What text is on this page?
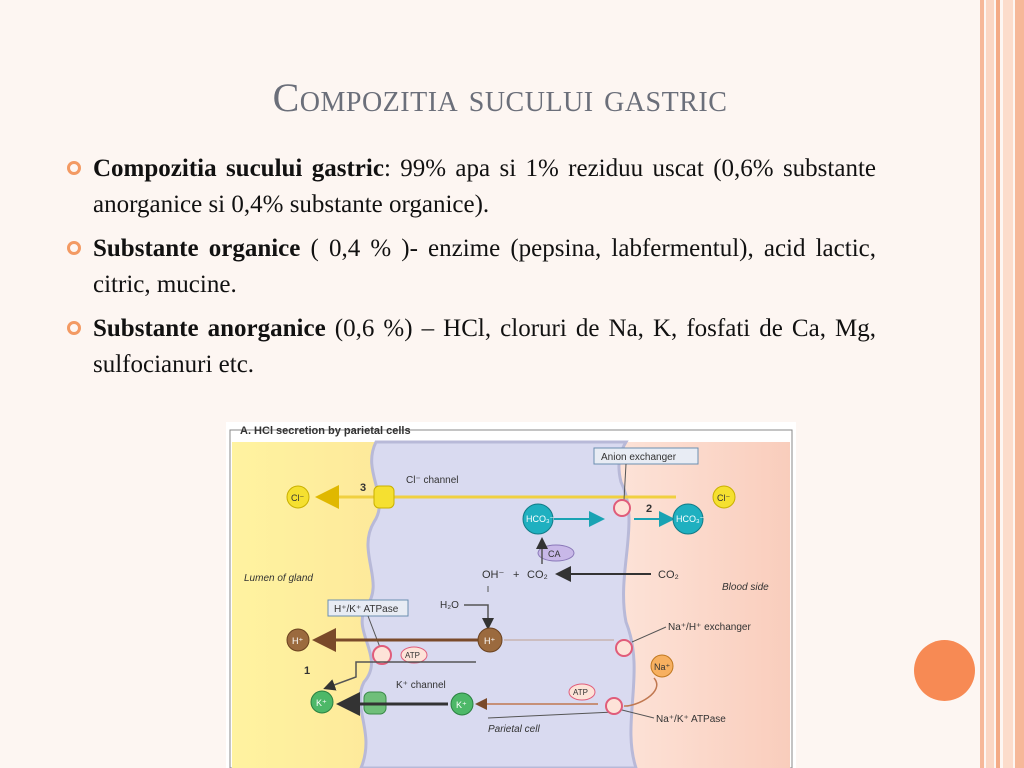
Compozitia sucului gastric
Compozitia sucului gastric: 99% apa si 1% reziduu uscat (0,6% substante anorganice si 0,4% substante organice).
Substante organice ( 0,4 % )- enzime (pepsina, labfermentul), acid lactic, citric, mucine.
Substante anorganice (0,6 %) – HCl, cloruri de Na, K, fosfati de Ca, Mg, sulfocianuri etc.
A. HCl secretion by parietal cells
Cl⁻	Cl⁻
Cl⁻ channel
3
Anion exchanger
HCO₃⁻	HCO₃⁻
2
CA
OH⁻ + CO₂	CO₂
Lumen of gland
Blood side
H₂O
H⁺/K⁺ ATPase
H⁺	H⁺
Na⁺/H⁺ exchanger
Na⁺
ATP
1
K⁺
K⁺ channel
K⁺
ATP
Na⁺/K⁺ ATPase
Parietal cell
